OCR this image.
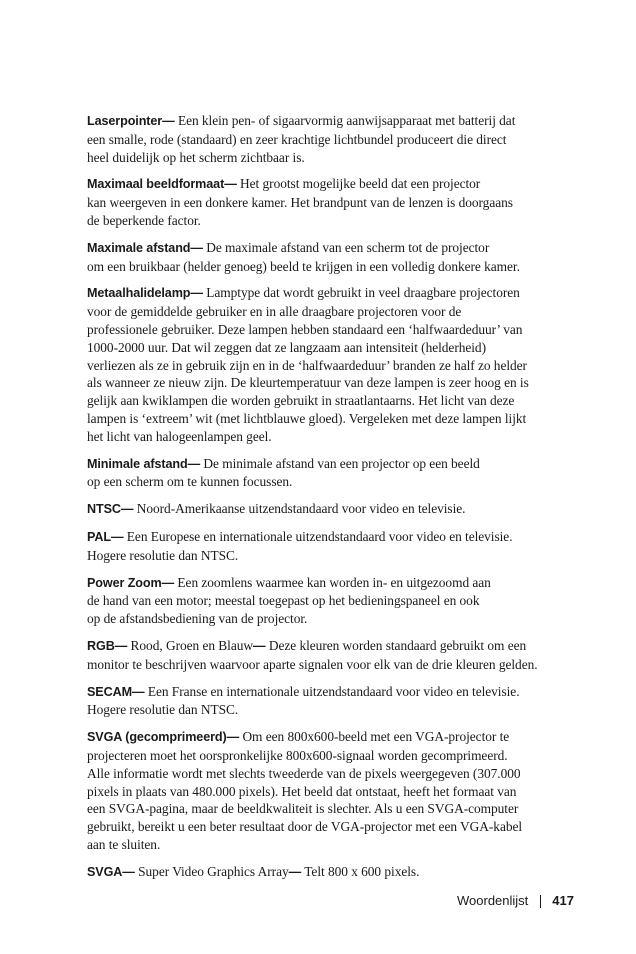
Laserpointer— Een klein pen- of sigaarvormig aanwijsapparaat met batterij dat
een smalle, rode (standaard) en zeer krachtige lichtbundel produceert die direct
heel duidelijk op het scherm zichtbaar is.

Maximaal beeldformaat— Het grootst mogelijke beeld dat een projector
kan weergeven in een donkere kamer. Het brandpunt van de lenzen is doorgaans
de beperkende factor.

Maximale afstand— De maximale afstand van een scherm tot de projector
om een bruikbaar (helder genoeg) beeld te krijgen in een volledig donkere kamer.

Metaalhalidelamp— Lamptype dat wordt gebruikt in veel draagbare projectoren
voor de gemiddelde gebruiker en in alle draagbare projectoren voor de
professionele gebruiker. Deze lampen hebben standaard een ‘halfwaardeduur’ van
1000-2000 uur. Dat wil zeggen dat ze langzaam aan intensiteit (helderheid)
verliezen als ze in gebruik zijn en in de ‘halfwaardeduur’ branden ze half zo helder
als wanneer ze nieuw zijn. De kleurtemperatuur van deze lampen is zeer hoog en is
gelijk aan kwiklampen die worden gebruikt in straatlantaarns. Het licht van deze
lampen is ‘extreem’ wit (met lichtblauwe gloed). Vergeleken met deze lampen lijkt
het licht van halogeenlampen geel.

Minimale afstand— De minimale afstand van een projector op een beeld
op een scherm om te kunnen focussen.

NTSC— Noord-Amerikaanse uitzendstandaard voor video en televisie.

PAL— Een Europese en internationale uitzendstandaard voor video en televisie.
Hogere resolutie dan NTSC.

Power Zoom— Een zoomlens waarmee kan worden in- en uitgezoomd aan
de hand van een motor; meestal toegepast op het bedieningspaneel en ook
op de afstandsbediening van de projector.

RGB— Rood, Groen en Blauw— Deze kleuren worden standaard gebruikt om een
monitor te beschrijven waarvoor aparte signalen voor elk van de drie kleuren gelden.

SECAM— Een Franse en internationale uitzendstandaard voor video en televisie.
Hogere resolutie dan NTSC.

SVGA (gecomprimeerd)— Om een 800x600-beeld met een VGA-projector te
projecteren moet het oorspronkelijke 800x600-signaal worden gecomprimeerd.
Alle informatie wordt met slechts tweederde van de pixels weergegeven (307.000
pixels in plaats van 480.000 pixels). Het beeld dat ontstaat, heeft het formaat van
een SVGA-pagina, maar de beeldkwaliteit is slechter. Als u een SVGA-computer
gebruikt, bereikt u een beter resultaat door de VGA-projector met een VGA-kabel
aan te sluiten.

SVGA— Super Video Graphics Array— Telt 800 x 600 pixels.

Woordenlijst 417
